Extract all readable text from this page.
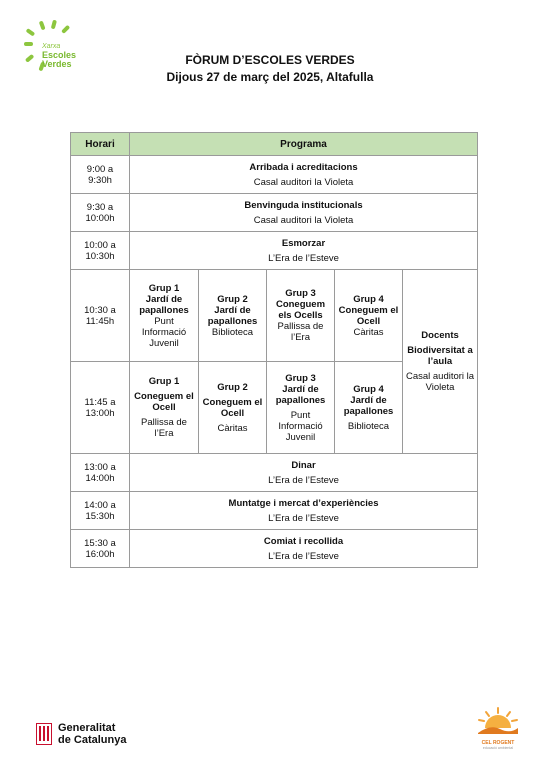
Xarxa
Escoles
Verdes	FÒRUM D’ESCOLES VERDES
Dijous 27 de març del 2025, Altafulla
Horari	Programa				

9:00 a
9:30h	Arribada i acreditacions
Casal auditori la Violeta				

9:30 a
10:00h	Benvinguda institucionals
Casal auditori la Violeta				

10:00 a
10:30h	Esmorzar
L’Era de l’Esteve				

10:30 a
11:45h	Grup 1
Jardí de papallones
Punt Informació Juvenil	Grup 2
Jardí de papallones
Biblioteca	Grup 3
Coneguem els Ocells
Pallissa de l’Era	Grup 4
Coneguem el Ocell
Càritas	Docents
Biodiversitat a l’aula
Casal auditori la Violeta

11:45 a
13:00h	Grup 1
Coneguem el Ocell
Pallissa de l’Era	Grup 2
Coneguem el Ocell
Càritas	Grup 3
Jardí de papallones
Punt Informació Juvenil	Grup 4
Jardí de papallones
Biblioteca	

13:00 a
14:00h	Dinar
L’Era de l’Esteve				

14:00 a
15:30h	Muntatge i mercat d’experiències
L’Era de l’Esteve				

15:30 a
16:00h	Comiat i recollida
L’Era de l’Esteve				
Generalitat
de Catalunya	CEL ROGENT
educació ambiental
